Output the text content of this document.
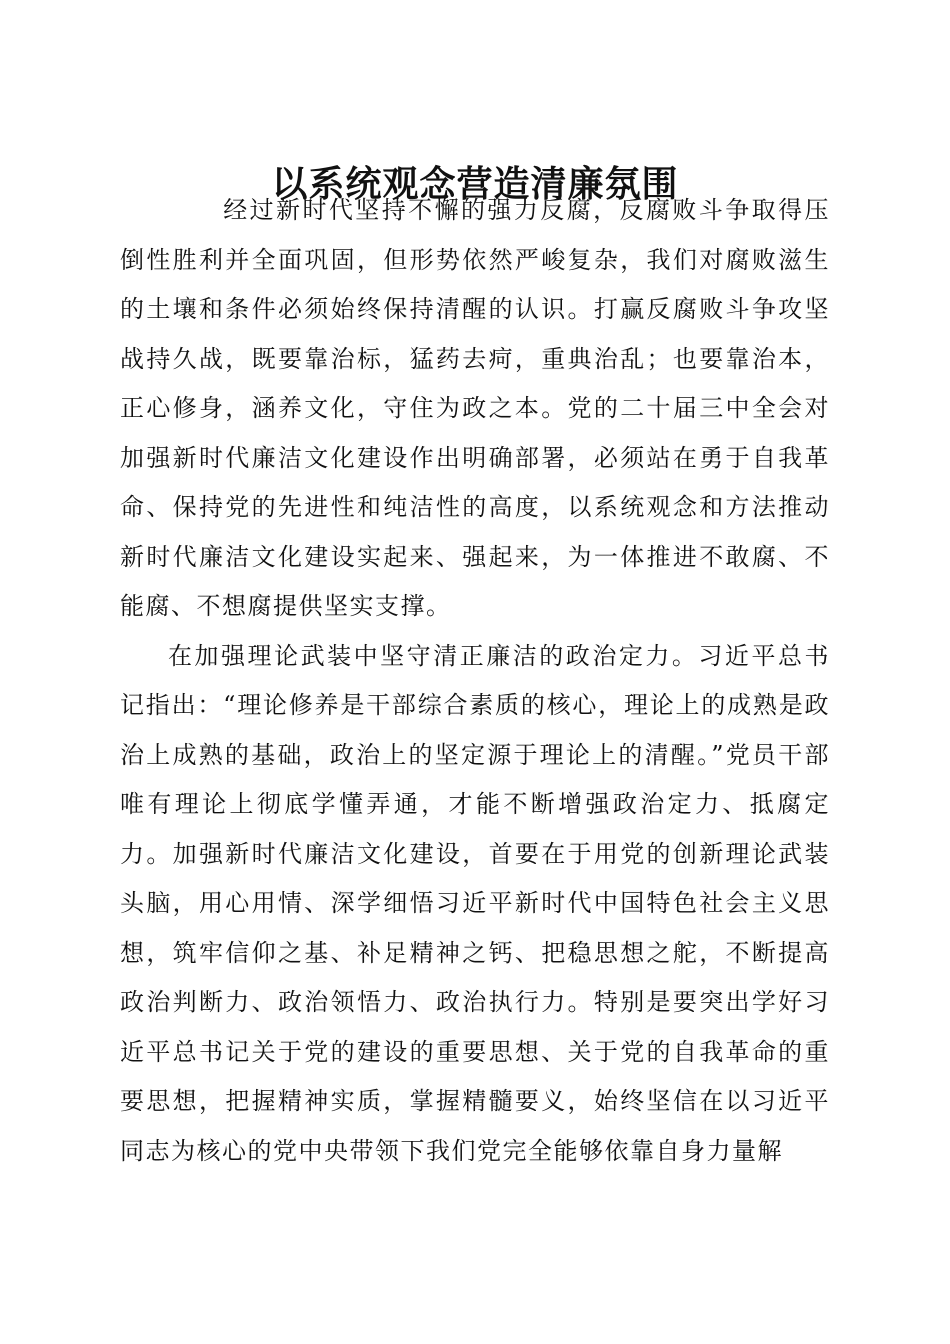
以系统观念营造清廉氛围

经过新时代坚持不懈的强力反腐，反腐败斗争取得压倒性胜利并全面巩固，但形势依然严峻复杂，我们对腐败滋生的土壤和条件必须始终保持清醒的认识。打赢反腐败斗争攻坚战持久战，既要靠治标，猛药去疴，重典治乱；也要靠治本，正心修身，涵养文化，守住为政之本。党的二十届三中全会对加强新时代廉洁文化建设作出明确部署，必须站在勇于自我革命、保持党的先进性和纯洁性的高度，以系统观念和方法推动新时代廉洁文化建设实起来、强起来，为一体推进不敢腐、不能腐、不想腐提供坚实支撑。

在加强理论武装中坚守清正廉洁的政治定力。习近平总书记指出：“理论修养是干部综合素质的核心，理论上的成熟是政治上成熟的基础，政治上的坚定源于理论上的清醒。”党员干部唯有理论上彻底学懂弄通，才能不断增强政治定力、抵腐定力。加强新时代廉洁文化建设，首要在于用党的创新理论武装头脑，用心用情、深学细悟习近平新时代中国特色社会主义思想，筑牢信仰之基、补足精神之钙、把稳思想之舵，不断提高政治判断力、政治领悟力、政治执行力。特别是要突出学好习近平总书记关于党的建设的重要思想、关于党的自我革命的重要思想，把握精神实质，掌握精髓要义，始终坚信在以习近平同志为核心的党中央带领下我们党完全能够依靠自身力量解
